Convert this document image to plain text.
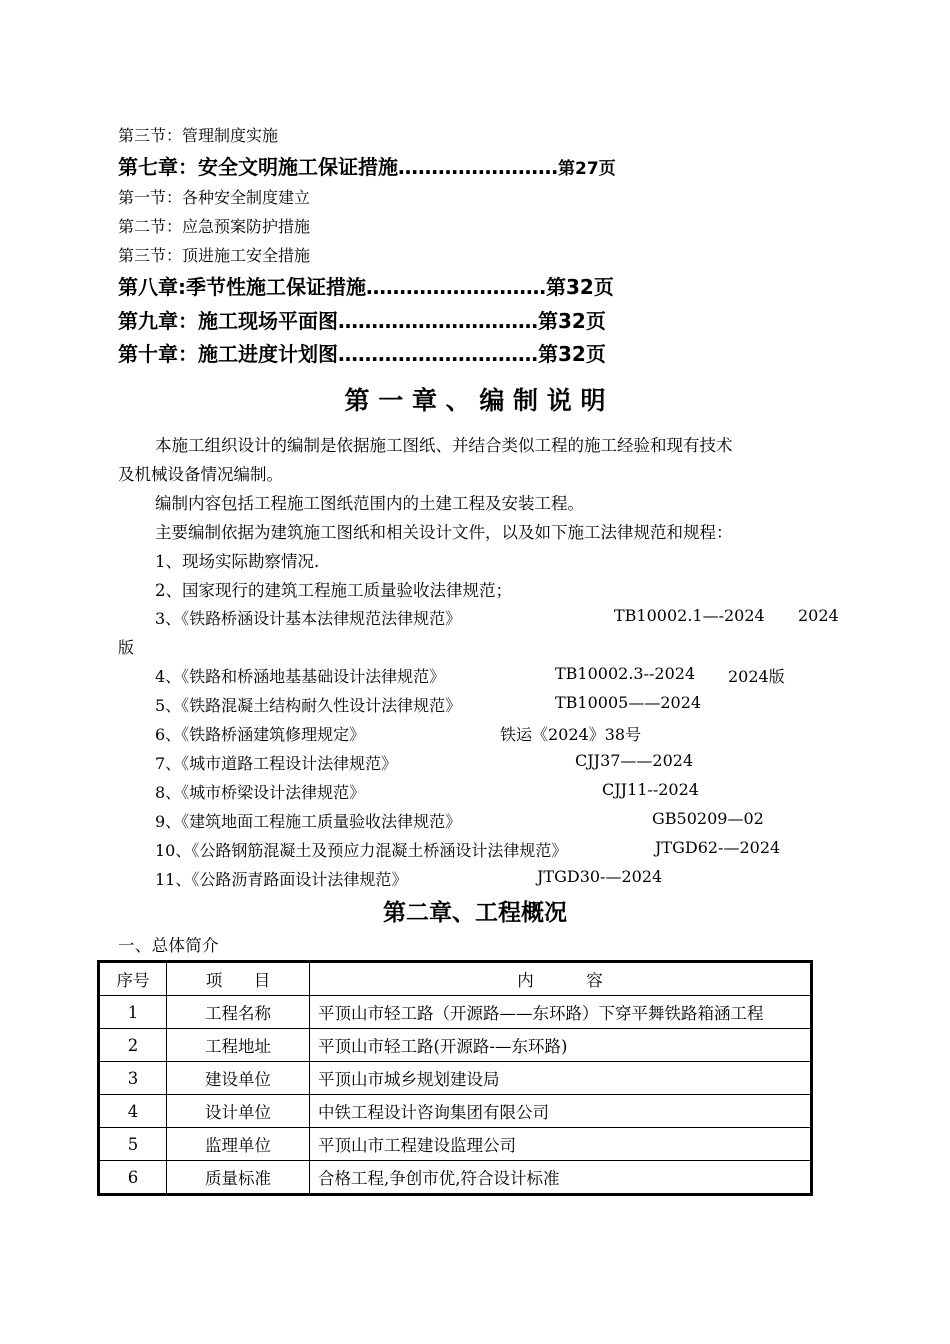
第三节：管理制度实施
第七章：安全文明施工保证措施……………………第27页
第一节：各种安全制度建立
第二节：应急预案防护措施
第三节：顶进施工安全措施
第八章:季节性施工保证措施………………………第32页
第九章：施工现场平面图…………………………第32页
第十章：施工进度计划图…………………………第32页
第 一 章 、 编 制 说 明
本施工组织设计的编制是依据施工图纸、并结合类似工程的施工经验和现有技术
及机械设备情况编制。
编制内容包括工程施工图纸范围内的土建工程及安装工程。
主要编制依据为建筑施工图纸和相关设计文件，以及如下施工法律规范和规程：
1、现场实际勘察情况.
2、国家现行的建筑工程施工质量验收法律规范；
3、《铁路桥涵设计基本法律规范法律规范》	TB10002.1—-2024 2024
版
4、《铁路和桥涵地基基础设计法律规范》	TB10002.3--2024 2024版
5、《铁路混凝土结构耐久性设计法律规范》	TB10005——2024
6、《铁路桥涵建筑修理规定》	铁运《2024》38号
7、《城市道路工程设计法律规范》	CJJ37——2024
8、《城市桥梁设计法律规范》	CJJ11--2024
9、《建筑地面工程施工质量验收法律规范》	GB50209—02
10、《公路钢筋混凝土及预应力混凝土桥涵设计法律规范》	JTGD62-—2024
11、《公路沥青路面设计法律规范》	JTGD30-—2024
第二章、工程概况
一、总体简介
序号	项      目	内          容
1	工程名称	平顶山市轻工路（开源路——东环路）下穿平舞铁路箱涵工程
2	工程地址	平顶山市轻工路(开源路-—东环路)
3	建设单位	平顶山市城乡规划建设局
4	设计单位	中铁工程设计咨询集团有限公司
5	监理单位	平顶山市工程建设监理公司
6	质量标准	合格工程,争创市优,符合设计标准
